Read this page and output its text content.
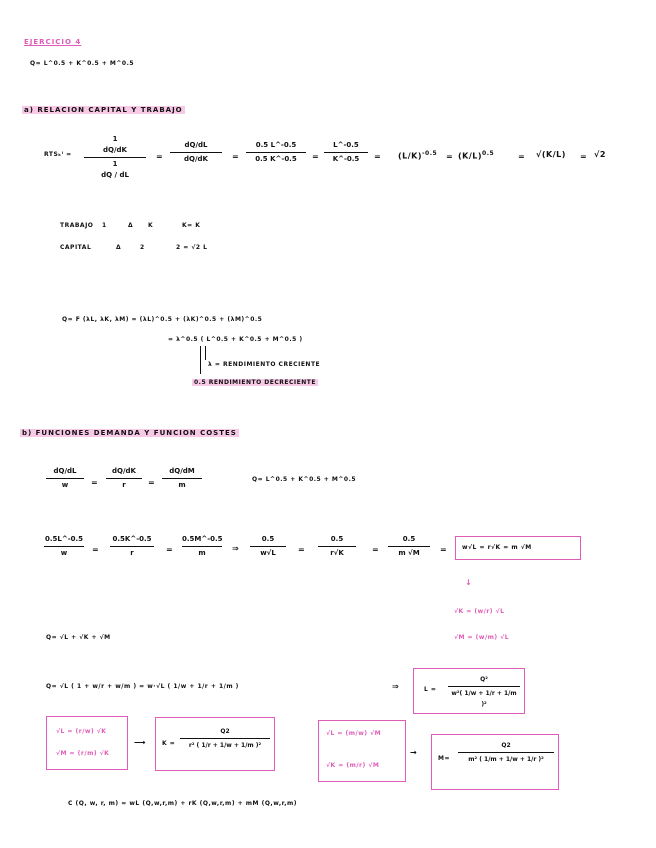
EJERCICIO 4
Q= L^0.5 + K^0.5 + M^0.5
a) RELACION CAPITAL Y TRABAJO
RTSₖˡ =
1
dQ/dK
1
dQ / dL
=
dQ/dL
dQ/dK	=
0.5 L^-0.5
0.5 K^-0.5	=
L^-0.5
K^-0.5	= $(L/K)^{-0.5} = (K/L)^{0.5}$	= √(K/L) = √2
TRABAJO 1	Δ K	K= K
CAPITAL	Δ	2	2 = √2 L
Q= F (λL, λK, λM) = (λL)^0.5 + (λK)^0.5 + (λM)^0.5
= λ^0.5 ( L^0.5 + K^0.5 + M^0.5 )
λ = RENDIMIENTO CRECIENTE
0.5 RENDIMIENTO DECRECIENTE
b) FUNCIONES DEMANDA Y FUNCION COSTES
dQ/dL
w	=
dQ/dK
r	=
dQ/dM
m
Q= L^0.5 + K^0.5 + M^0.5
0.5L^-0.5
w	=
0.5K^-0.5
r	=
0.5M^-0.5
m	⇒
0.5
w√L	=
0.5
r√K	=
0.5
m √M	= w√L = r√K = m √M
↓
√K = (w/r) √L
√M = (w/m) √L
Q= √L + √K + √M
Q= √L ( 1 + w/r + w/m ) = w·√L ( 1/w + 1/r + 1/m )	⇒	L =
Q²
w²( 1/w + 1/r + 1/m )²
√L = (r/w) √K
√M = (r/m) √K
⟶	K =
Q2
r² ( 1/r + 1/w + 1/m )²
√L = (m/w) √M
√K = (m/r) √M
→
M=
Q2
m² ( 1/m + 1/w + 1/r )²
C (Q, w, r, m) = wL (Q,w,r,m) + rK (Q,w,r,m) + mM (Q,w,r,m)
